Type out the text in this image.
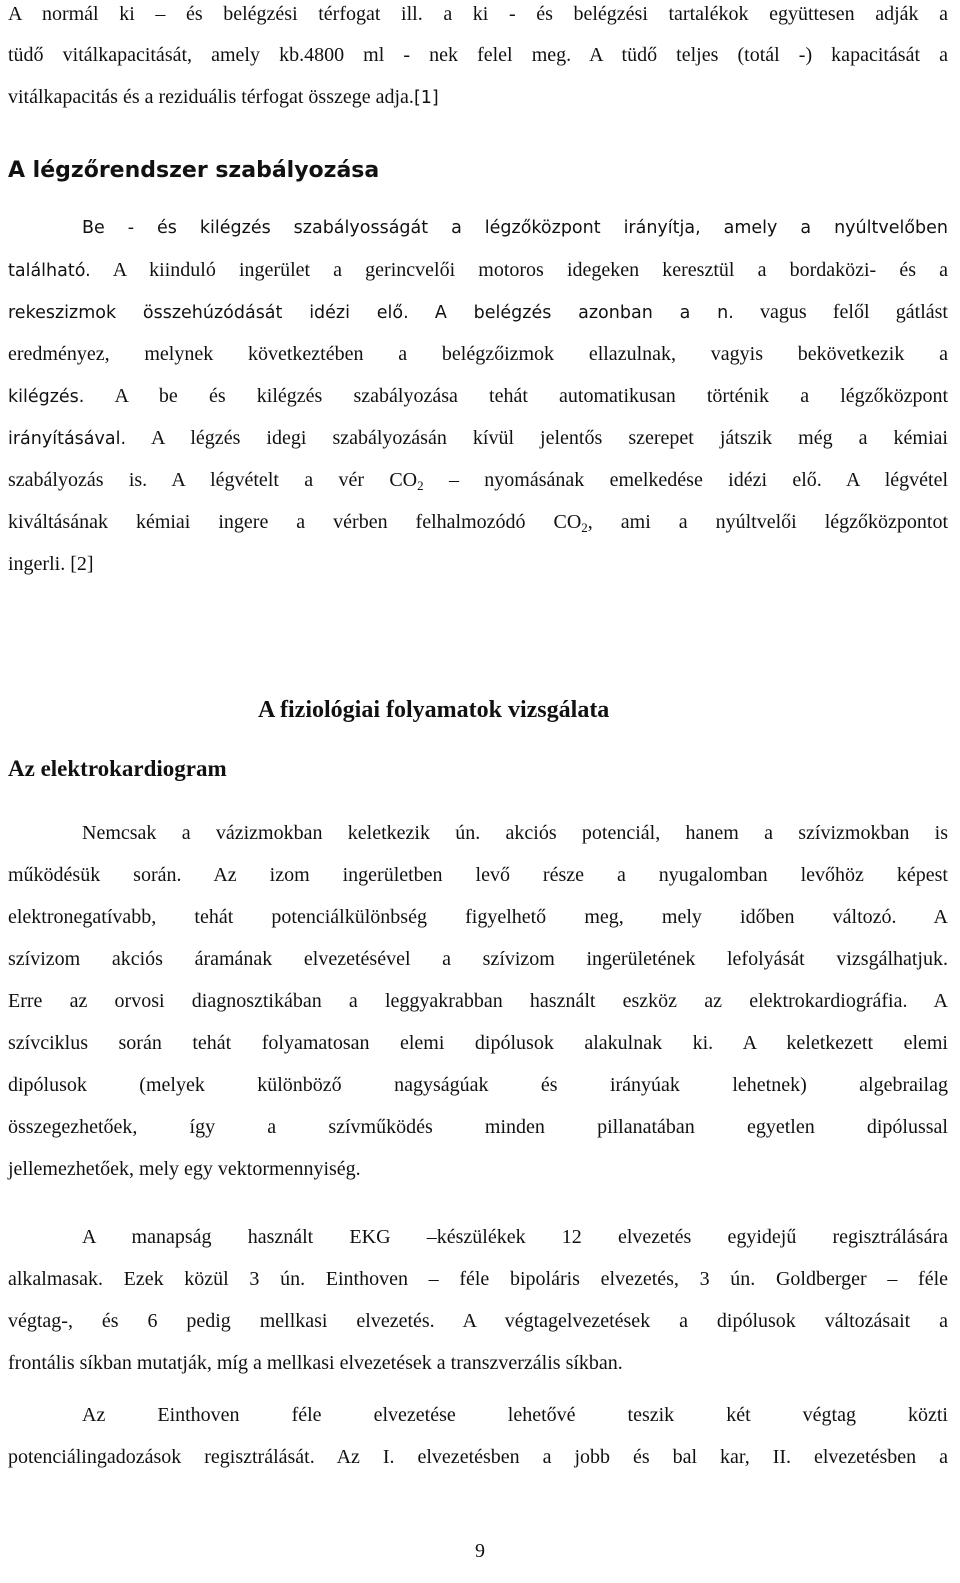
A normál ki – és belégzési térfogat ill. a ki - és belégzési tartalékok együttesen adják a
tüdő vitálkapacitását, amely kb.4800 ml - nek felel meg. A tüdő teljes (totál -) kapacitását a
vitálkapacitás és a reziduális térfogat összege adja.[1]
A légzőrendszer szabályozása
Be - és kilégzés szabályosságát a légzőközpont irányítja, amely a nyúltvelőben
található. A kiinduló ingerület a gerincvelői motoros idegeken keresztül a bordaközi- és a
rekeszizmok összehúzódását idézi elő. A belégzés azonban a n. vagus felől gátlást
eredményez, melynek következtében a belégzőizmok ellazulnak, vagyis bekövetkezik a
kilégzés. A be és kilégzés szabályozása tehát automatikusan történik a légzőközpont
irányításával. A légzés idegi szabályozásán kívül jelentős szerepet játszik még a kémiai
szabályozás is. A légvételt a vér $CO_2$ – nyomásának emelkedése idézi elő. A légvétel
kiváltásának kémiai ingere a vérben felhalmozódó $CO_2$, ami a nyúltvelői légzőközpontot
ingerli. [2]
A fiziológiai folyamatok vizsgálata
Az elektrokardiogram
Nemcsak a vázizmokban keletkezik ún. akciós potenciál, hanem a szívizmokban is
működésük során. Az izom ingerületben levő része a nyugalomban levőhöz képest
elektronegatívabb, tehát potenciálkülönbség figyelhető meg, mely időben változó. A
szívizom akciós áramának elvezetésével a szívizom ingerületének lefolyását vizsgálhatjuk.
Erre az orvosi diagnosztikában a leggyakrabban használt eszköz az elektrokardiográfia. A
szívciklus során tehát folyamatosan elemi dipólusok alakulnak ki. A keletkezett elemi
dipólusok (melyek különböző nagyságúak és irányúak lehetnek) algebrailag
összegezhetőek, így a szívműködés minden pillanatában egyetlen dipólussal
jellemezhetőek, mely egy vektormennyiség.
A manapság használt EKG –készülékek 12 elvezetés egyidejű regisztrálására
alkalmasak. Ezek közül 3 ún. Einthoven – féle bipoláris elvezetés, 3 ún. Goldberger – féle
végtag-, és 6 pedig mellkasi elvezetés. A végtagelvezetések a dipólusok változásait a
frontális síkban mutatják, míg a mellkasi elvezetések a transzverzális síkban.
Az Einthoven féle elvezetése lehetővé teszik két végtag közti
potenciálingadozások regisztrálását. Az I. elvezetésben a jobb és bal kar, II. elvezetésben a
9
